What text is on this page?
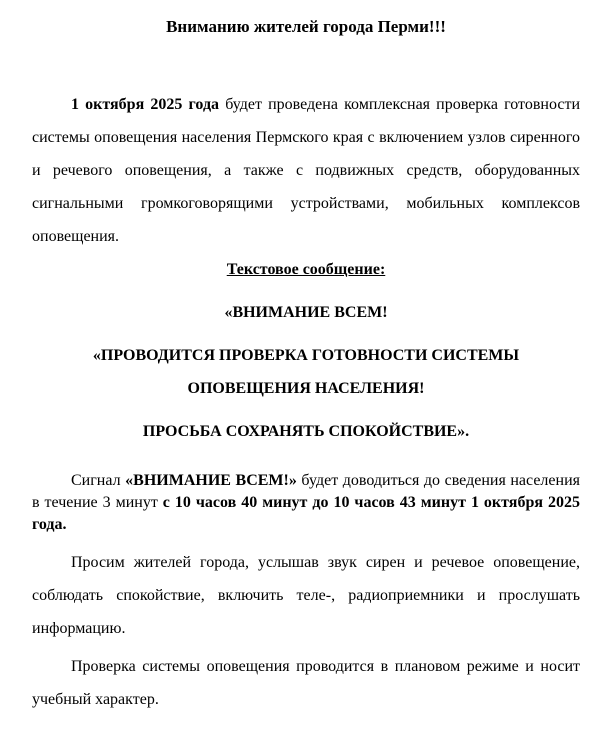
Вниманию жителей города Перми!!!

1 октября 2025 года будет проведена комплексная проверка готовности системы оповещения населения Пермского края с включением узлов сиренного и речевого оповещения, а также с подвижных средств, оборудованных сигнальными громкоговорящими устройствами, мобильных комплексов оповещения.

Текстовое сообщение:

«ВНИМАНИЕ ВСЕМ!

«ПРОВОДИТСЯ ПРОВЕРКА ГОТОВНОСТИ СИСТЕМЫ ОПОВЕЩЕНИЯ НАСЕЛЕНИЯ!

ПРОСЬБА СОХРАНЯТЬ СПОКОЙСТВИЕ».

Сигнал «ВНИМАНИЕ ВСЕМ!» будет доводиться до сведения населения в течение 3 минут с 10 часов 40 минут до 10 часов 43 минут 1 октября 2025 года.

Просим жителей города, услышав звук сирен и речевое оповещение, соблюдать спокойствие, включить теле-, радиоприемники и прослушать информацию.

Проверка системы оповещения проводится в плановом режиме и носит учебный характер.
